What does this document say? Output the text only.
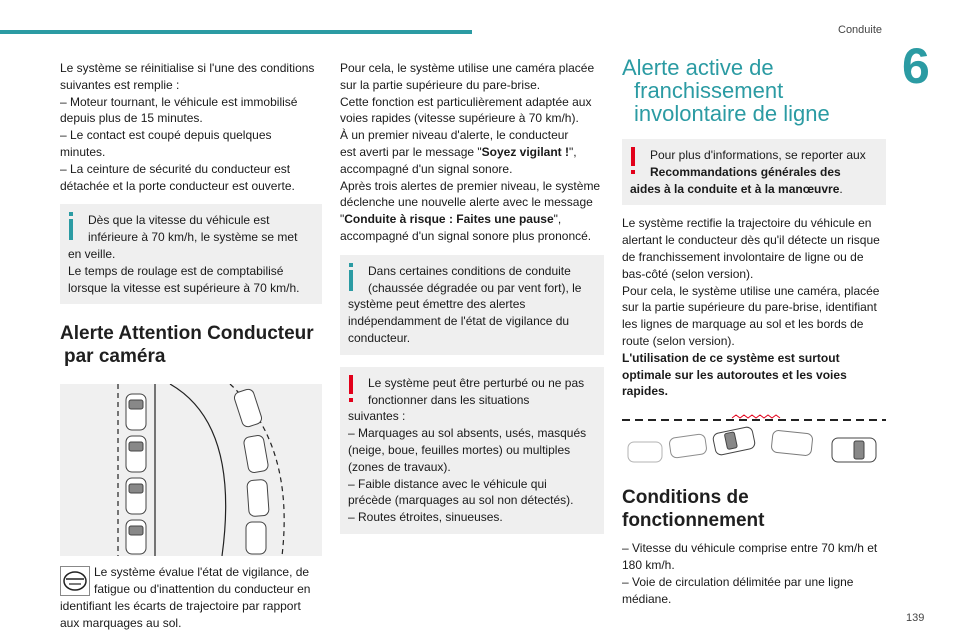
Conduite
6
139

Le système se réinitialise si l'une des conditions

suivantes est remplie :

– Moteur tournant, le véhicule est immobilisé

depuis plus de 15 minutes.

– Le contact est coupé depuis quelques

minutes.

– La ceinture de sécurité du conducteur est

détachée et la porte conducteur est ouverte.

Dès que la vitesse du véhicule est

inférieure à 70 km/h, le système se met

en veille.

Le temps de roulage est de comptabilisé

lorsque la vitesse est supérieure à 70 km/h.

Alerte Attention Conducteur
par caméra

Le système évalue l'état de vigilance, de

fatigue ou d'inattention du conducteur en

identifiant les écarts de trajectoire par rapport

aux marquages au sol.

Pour cela, le système utilise une caméra placée

sur la partie supérieure du pare-brise.

Cette fonction est particulièrement adaptée aux

voies rapides (vitesse supérieure à 70 km/h).

À un premier niveau d'alerte, le conducteur

est averti par le message "Soyez vigilant !",

accompagné d'un signal sonore.

Après trois alertes de premier niveau, le système

déclenche une nouvelle alerte avec le message

"Conduite à risque : Faites une pause",

accompagné d'un signal sonore plus prononcé.

Dans certaines conditions de conduite

(chaussée dégradée ou par vent fort), le

système peut émettre des alertes

indépendamment de l'état de vigilance du

conducteur.

Le système peut être perturbé ou ne pas

fonctionner dans les situations

suivantes :

– Marquages au sol absents, usés, masqués

(neige, boue, feuilles mortes) ou multiples

(zones de travaux).

– Faible distance avec le véhicule qui

précède (marquages au sol non détectés).

– Routes étroites, sinueuses.

Alerte active de
franchissement
involontaire de ligne

Pour plus d'informations, se reporter aux

Recommandations générales des

aides à la conduite et à la manœuvre.

Le système rectifie la trajectoire du véhicule en

alertant le conducteur dès qu'il détecte un risque

de franchissement involontaire de ligne ou de

bas-côté (selon version).

Pour cela, le système utilise une caméra, placée

sur la partie supérieure du pare-brise, identifiant

les lignes de marquage au sol et les bords de

route (selon version).

L'utilisation de ce système est surtout

optimale sur les autoroutes et les voies

rapides.

Conditions de
fonctionnement

– Vitesse du véhicule comprise entre 70 km/h et

180 km/h.

– Voie de circulation délimitée par une ligne

médiane.
